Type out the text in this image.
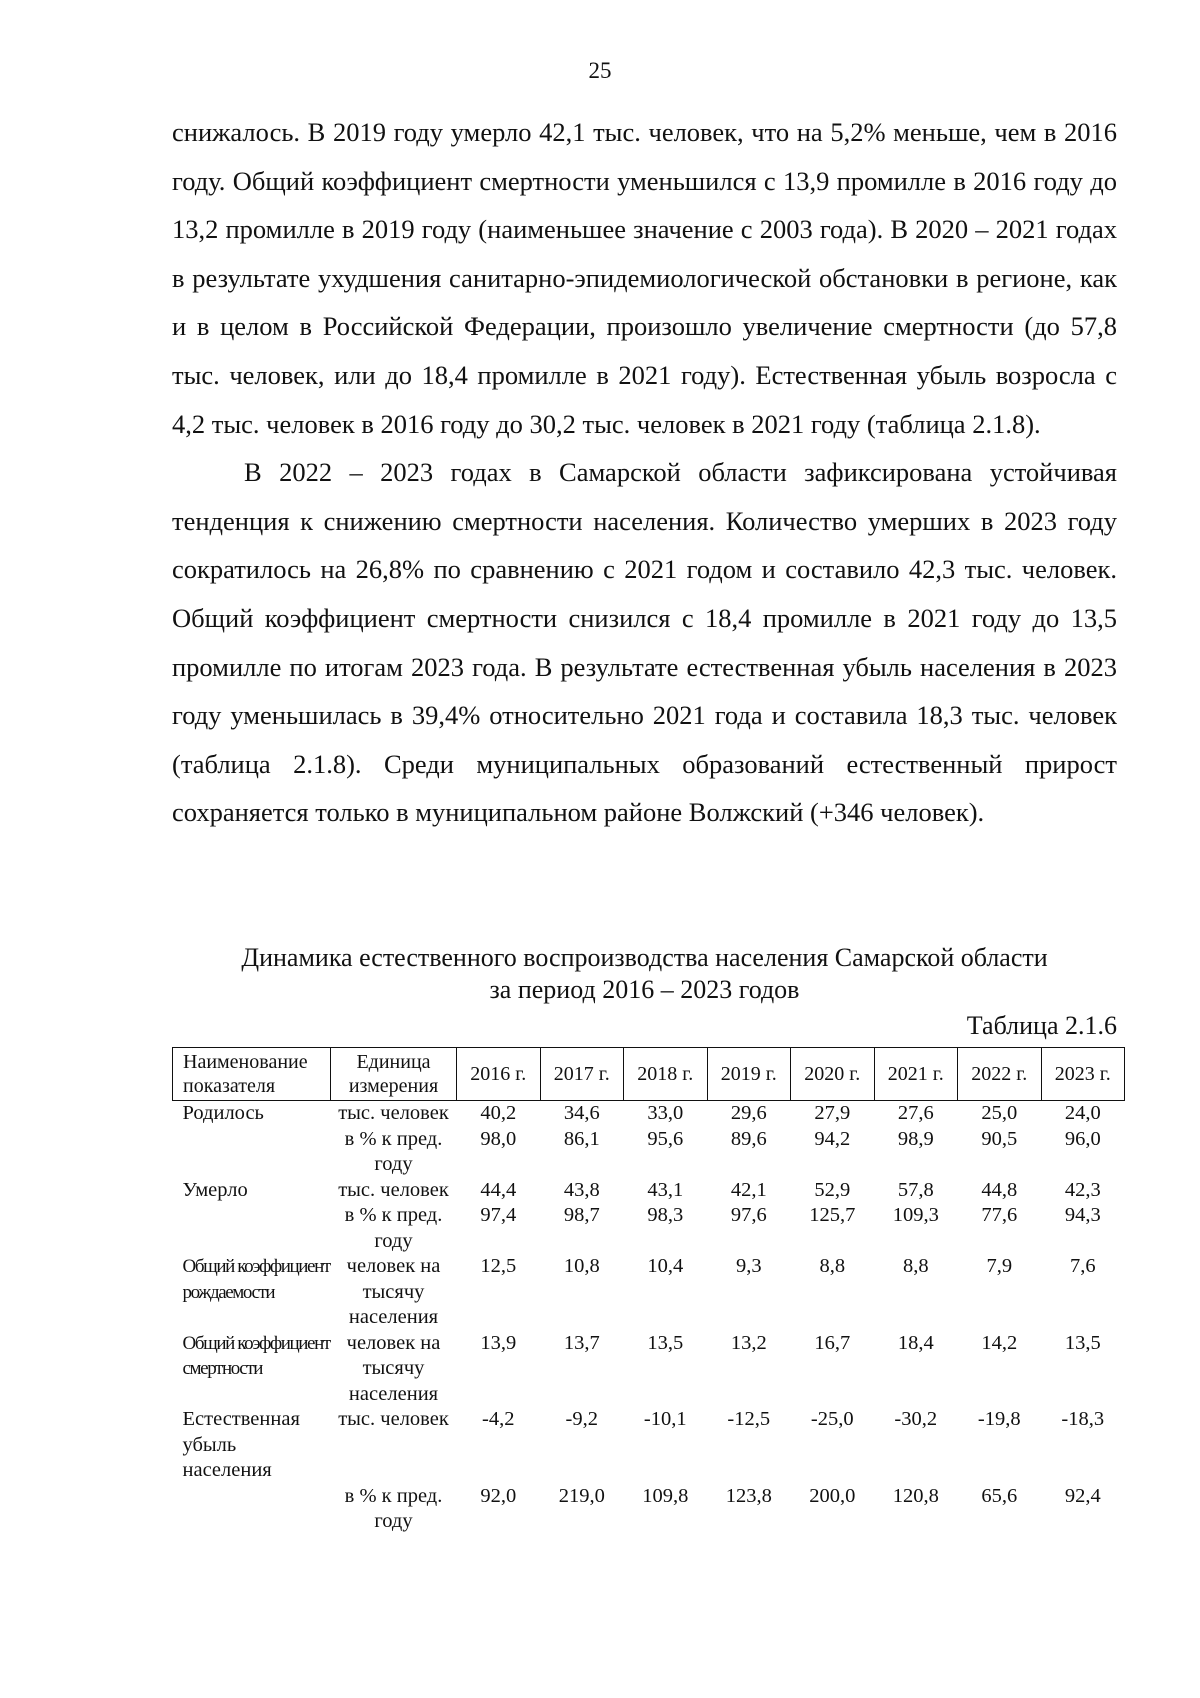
25

снижалось. В 2019 году умерло 42,1 тыс. человек, что на 5,2% меньше, чем в 2016 году. Общий коэффициент смертности уменьшился с 13,9 промилле в 2016 году до 13,2 промилле в 2019 году (наименьшее значение с 2003 года). В 2020 – 2021 годах в результате ухудшения санитарно-эпидемиологической обстановки в регионе, как и в целом в Российской Федерации, произошло увеличение смертности (до 57,8 тыс. человек, или до 18,4 промилле в 2021 году). Естественная убыль возросла с 4,2 тыс. человек в 2016 году до 30,2 тыс. человек в 2021 году (таблица 2.1.8).

В 2022 – 2023 годах в Самарской области зафиксирована устойчивая тенденция к снижению смертности населения. Количество умерших в 2023 году сократилось на 26,8% по сравнению с 2021 годом и составило 42,3 тыс. человек. Общий коэффициент смертности снизился с 18,4 промилле в 2021 году до 13,5 промилле по итогам 2023 года. В результате естественная убыль населения в 2023 году уменьшилась в 39,4% относительно 2021 года и составила 18,3 тыс. человек (таблица 2.1.8). Среди муниципальных образований естественный прирост сохраняется только в муниципальном районе Волжский (+346 человек).

Динамика естественного воспроизводства населения Самарской области
за период 2016 – 2023 годов
Таблица 2.1.6
Наименование показателя	Единица измерения	2016 г.	2017 г.	2018 г.	2019 г.	2020 г.	2021 г.	2022 г.	2023 г.
Родилось	тыс. человек	40,2	34,6	33,0	29,6	27,9	27,6	25,0	24,0
	в % к пред. году	98,0	86,1	95,6	89,6	94,2	98,9	90,5	96,0
Умерло	тыс. человек	44,4	43,8	43,1	42,1	52,9	57,8	44,8	42,3
	в % к пред. году	97,4	98,7	98,3	97,6	125,7	109,3	77,6	94,3
Общий коэффициент рождаемости	человек на тысячу населения	12,5	10,8	10,4	9,3	8,8	8,8	7,9	7,6
Общий коэффициент смертности	человек на тысячу населения	13,9	13,7	13,5	13,2	16,7	18,4	14,2	13,5
Естественная убыль населения	тыс. человек	-4,2	-9,2	-10,1	-12,5	-25,0	-30,2	-19,8	-18,3
	в % к пред. году	92,0	219,0	109,8	123,8	200,0	120,8	65,6	92,4
